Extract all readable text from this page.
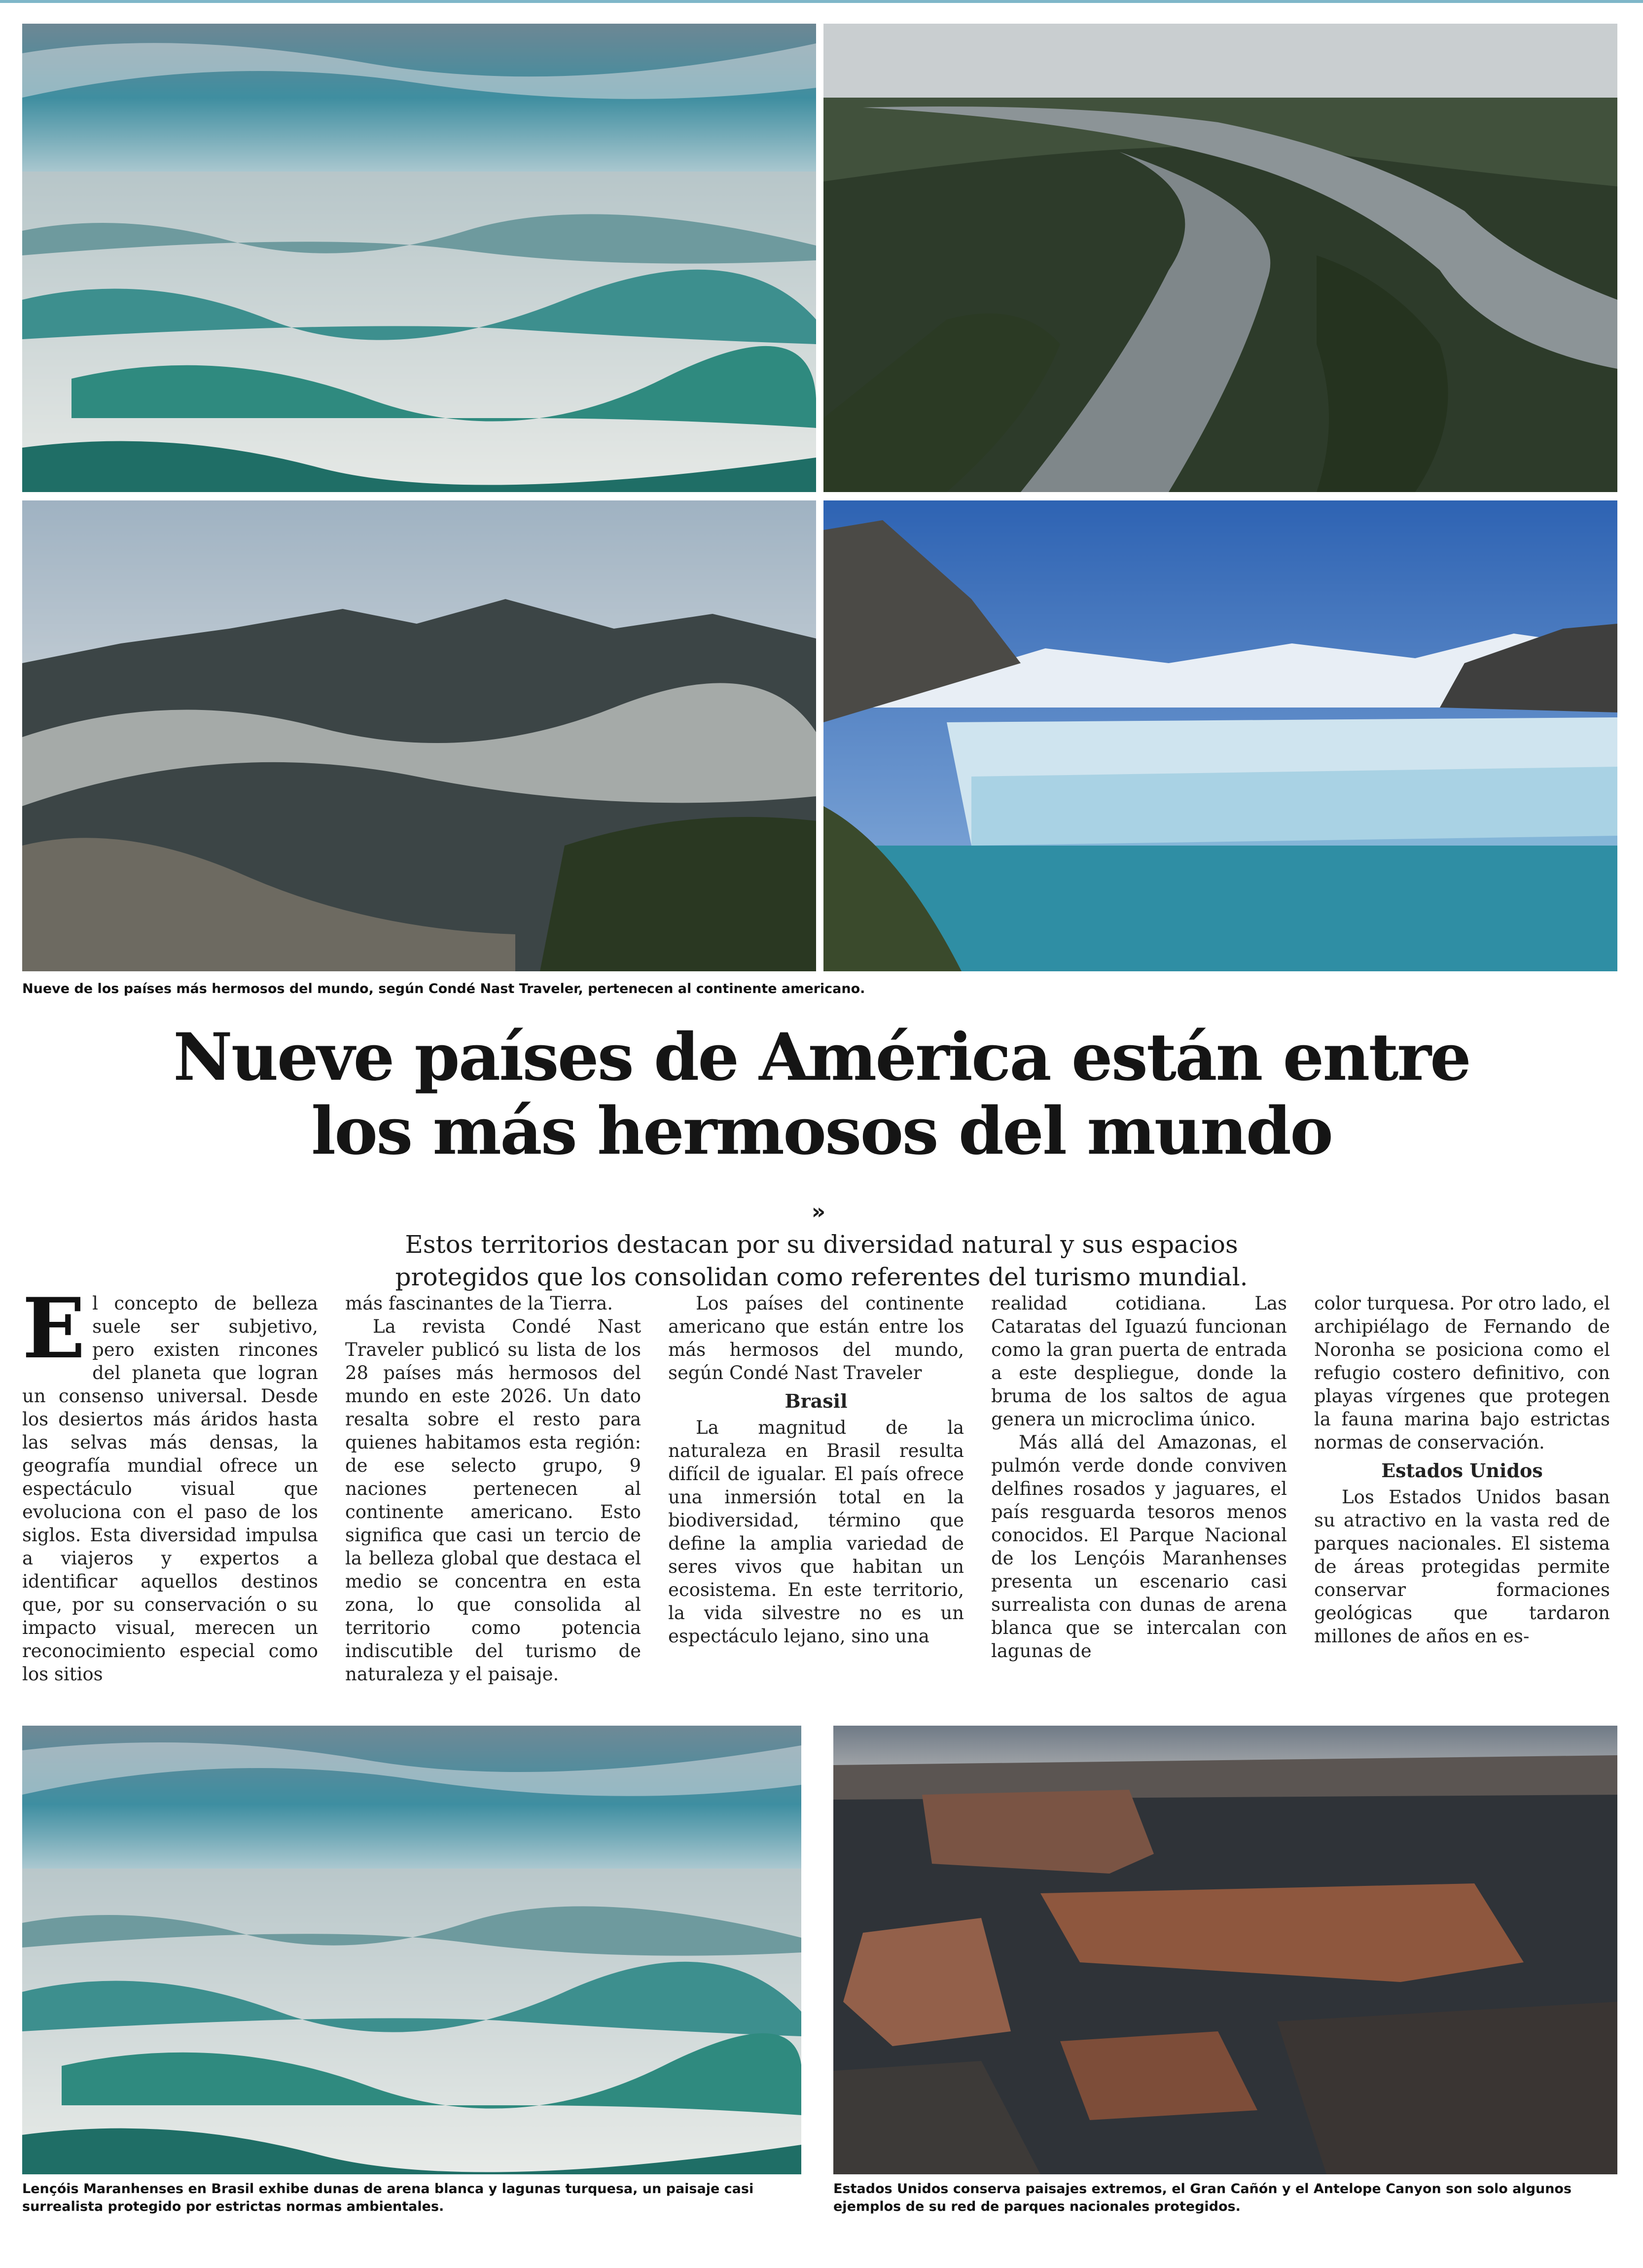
Nueve de los países más hermosos del mundo, según Condé Nast Traveler, pertenecen al continente americano.
Nueve países de América están entre
los más hermosos del mundo
»
Estos territorios destacan por su diversidad natural y sus espacios
protegidos que los consolidan como referentes del turismo mundial.
E l concepto de belleza suele ser subjetivo, pero existen rincones del planeta que logran un consenso universal. Desde los desiertos más áridos hasta las selvas más densas, la geografía mundial ofrece un espectáculo visual que evoluciona con el paso de los siglos. Esta diversidad impulsa a viajeros y expertos a identificar aquellos destinos que, por su conservación o su impacto visual, merecen un reconocimiento especial como los sitios

más fascinantes de la Tierra.

La revista Condé Nast Traveler publicó su lista de los 28 países más hermosos del mundo en este 2026. Un dato resalta sobre el resto para quienes habitamos esta región: de ese selecto grupo, 9 naciones pertenecen al continente americano. Esto significa que casi un tercio de la belleza global que destaca el medio se concentra en esta zona, lo que consolida al territorio como potencia indiscutible del turismo de naturaleza y el paisaje.

Los países del continente americano que están entre los más hermosos del mundo, según Condé Nast Traveler

Brasil

La magnitud de la naturaleza en Brasil resulta difícil de igualar. El país ofrece una inmersión total en la biodiversidad, término que define la amplia variedad de seres vivos que habitan un ecosistema. En este territorio, la vida silvestre no es un espectáculo lejano, sino una

realidad cotidiana. Las Cataratas del Iguazú funcionan como la gran puerta de entrada a este despliegue, donde la bruma de los saltos de agua genera un microclima único.

Más allá del Amazonas, el pulmón verde donde conviven delfines rosados y jaguares, el país resguarda tesoros menos conocidos. El Parque Nacional de los Lençóis Maranhenses presenta un escenario casi surrealista con dunas de arena blanca que se intercalan con lagunas de

color turquesa. Por otro lado, el archipiélago de Fernando de Noronha se posiciona como el refugio costero definitivo, con playas vírgenes que protegen la fauna marina bajo estrictas normas de conservación.

Estados Unidos

Los Estados Unidos basan su atractivo en la vasta red de parques nacionales. El sistema de áreas protegidas permite conservar formaciones geológicas que tardaron millones de años en es-

Lençóis Maranhenses en Brasil exhibe dunas de arena blanca y lagunas turquesa, un paisaje casi surrealista protegido por estrictas normas ambientales.
Estados Unidos conserva paisajes extremos, el Gran Cañón y el Antelope Canyon son solo algunos ejemplos de su red de parques nacionales protegidos.
